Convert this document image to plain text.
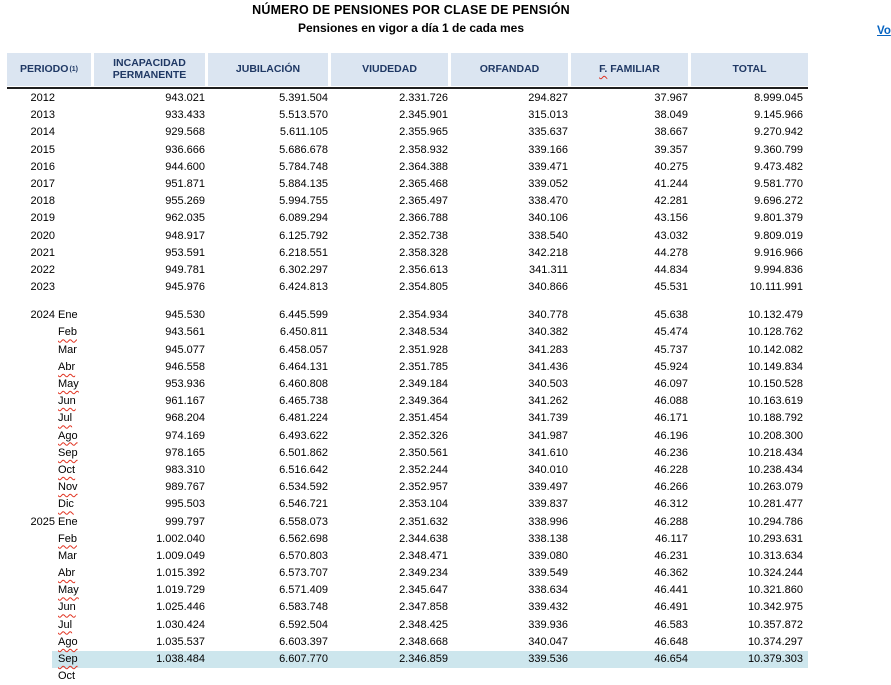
NÚMERO DE PENSIONES POR CLASE DE PENSIÓN
Pensiones en vigor a día 1 de cada mes	Vo
PERIODO (1)	INCAPACIDAD PERMANENTE	JUBILACIÓN	VIUDEDAD	ORFANDAD	F. FAMILIAR	TOTAL
2012	943.021	5.391.504	2.331.726	294.827	37.967	8.999.045
2013	933.433	5.513.570	2.345.901	315.013	38.049	9.145.966
2014	929.568	5.611.105	2.355.965	335.637	38.667	9.270.942
2015	936.666	5.686.678	2.358.932	339.166	39.357	9.360.799
2016	944.600	5.784.748	2.364.388	339.471	40.275	9.473.482
2017	951.871	5.884.135	2.365.468	339.052	41.244	9.581.770
2018	955.269	5.994.755	2.365.497	338.470	42.281	9.696.272
2019	962.035	6.089.294	2.366.788	340.106	43.156	9.801.379
2020	948.917	6.125.792	2.352.738	338.540	43.032	9.809.019
2021	953.591	6.218.551	2.358.328	342.218	44.278	9.916.966
2022	949.781	6.302.297	2.356.613	341.311	44.834	9.994.836
2023	945.976	6.424.813	2.354.805	340.866	45.531	10.111.991
2024 Ene	945.530	6.445.599	2.354.934	340.778	45.638	10.132.479
Feb	943.561	6.450.811	2.348.534	340.382	45.474	10.128.762
Mar	945.077	6.458.057	2.351.928	341.283	45.737	10.142.082
Abr	946.558	6.464.131	2.351.785	341.436	45.924	10.149.834
May	953.936	6.460.808	2.349.184	340.503	46.097	10.150.528
Jun	961.167	6.465.738	2.349.364	341.262	46.088	10.163.619
Jul	968.204	6.481.224	2.351.454	341.739	46.171	10.188.792
Ago	974.169	6.493.622	2.352.326	341.987	46.196	10.208.300
Sep	978.165	6.501.862	2.350.561	341.610	46.236	10.218.434
Oct	983.310	6.516.642	2.352.244	340.010	46.228	10.238.434
Nov	989.767	6.534.592	2.352.957	339.497	46.266	10.263.079
Dic	995.503	6.546.721	2.353.104	339.837	46.312	10.281.477
2025 Ene	999.797	6.558.073	2.351.632	338.996	46.288	10.294.786
Feb	1.002.040	6.562.698	2.344.638	338.138	46.117	10.293.631
Mar	1.009.049	6.570.803	2.348.471	339.080	46.231	10.313.634
Abr	1.015.392	6.573.707	2.349.234	339.549	46.362	10.324.244
May	1.019.729	6.571.409	2.345.647	338.634	46.441	10.321.860
Jun	1.025.446	6.583.748	2.347.858	339.432	46.491	10.342.975
Jul	1.030.424	6.592.504	2.348.425	339.936	46.583	10.357.872
Ago	1.035.537	6.603.397	2.348.668	340.047	46.648	10.374.297
Sep	1.038.484	6.607.770	2.346.859	339.536	46.654	10.379.303
Oct
